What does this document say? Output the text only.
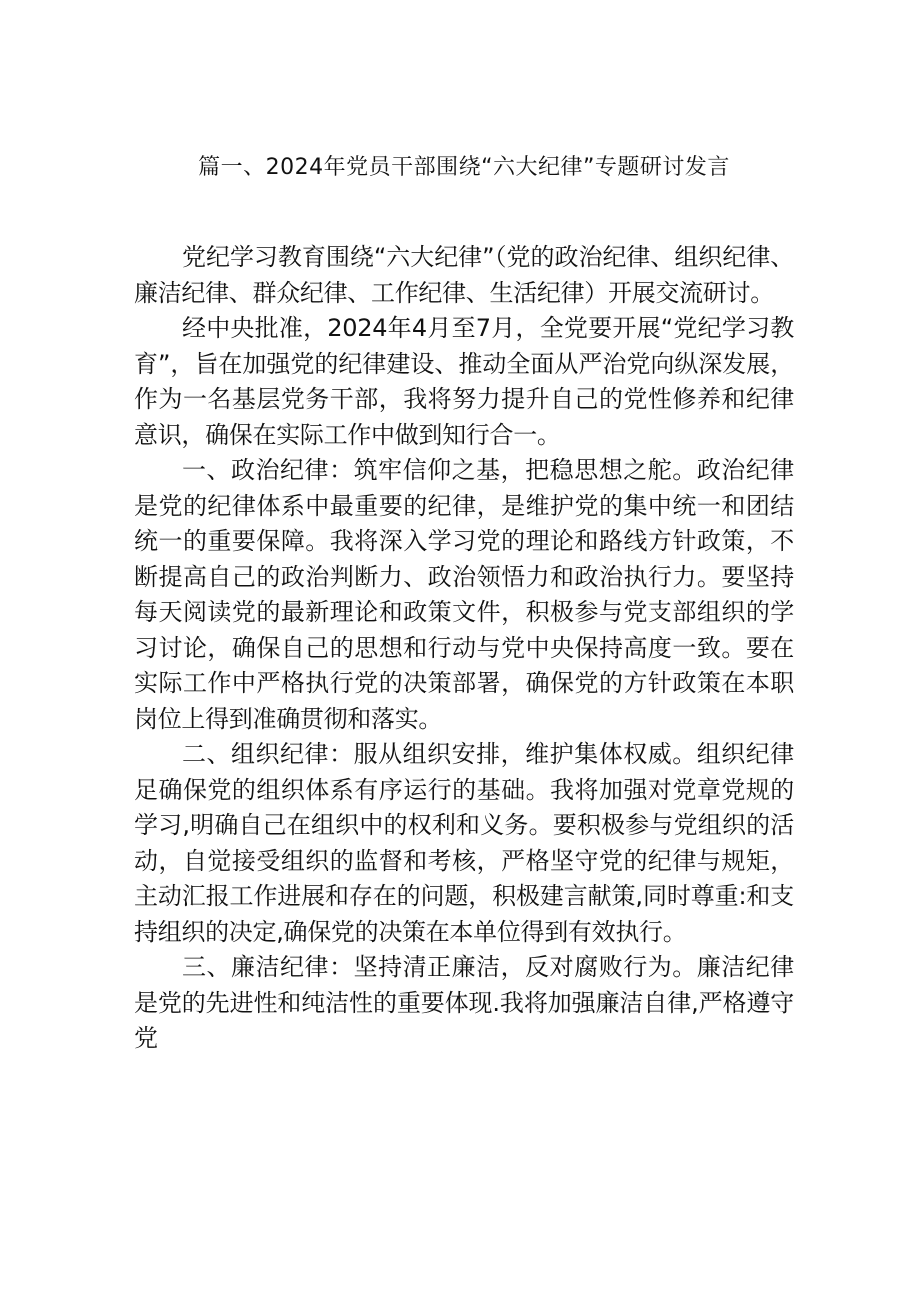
篇一、2024年党员干部围绕“六大纪律”专题研讨发言

党纪学习教育围绕“六大纪律”（党的政治纪律、组织纪律、廉洁纪律、群众纪律、工作纪律、生活纪律）开展交流研讨。

经中央批准，2024年4月至7月，全党要开展“党纪学习教育”，旨在加强党的纪律建设、推动全面从严治党向纵深发展，作为一名基层党务干部，我将努力提升自己的党性修养和纪律意识，确保在实际工作中做到知行合一。

一、政治纪律：筑牢信仰之基，把稳思想之舵。政治纪律是党的纪律体系中最重要的纪律，是维护党的集中统一和团结统一的重要保障。我将深入学习党的理论和路线方针政策，不断提高自己的政治判断力、政治领悟力和政治执行力。要坚持每天阅读党的最新理论和政策文件，积极参与党支部组织的学习讨论，确保自己的思想和行动与党中央保持高度一致。要在实际工作中严格执行党的决策部署，确保党的方针政策在本职岗位上得到准确贯彻和落实。

二、组织纪律：服从组织安排，维护集体权威。组织纪律足确保党的组织体系有序运行的基础。我将加强对党章党规的学习,明确自己在组织中的权利和义务。要积极参与党组织的活动，自觉接受组织的监督和考核，严格坚守党的纪律与规矩，主动汇报工作进展和存在的问题，积极建言献策,同时尊重:和支持组织的决定,确保党的决策在本单位得到有效执行。

三、廉洁纪律：坚持清正廉洁，反对腐败行为。廉洁纪律是党的先进性和纯洁性的重要体现.我将加强廉洁自律,严格遵守党
